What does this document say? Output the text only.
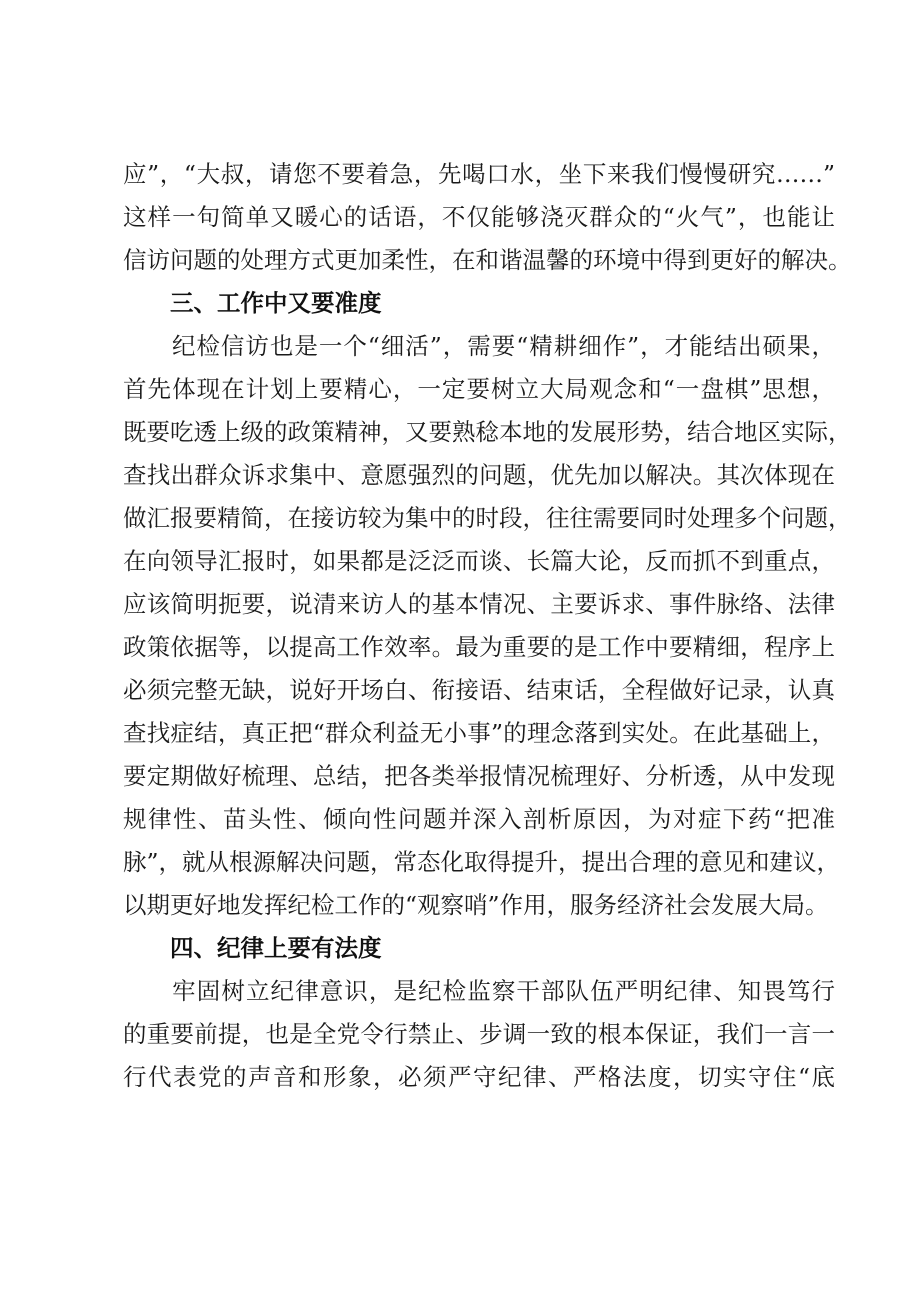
应”，“大叔，请您不要着急，先喝口水，坐下来我们慢慢研究……”
这样一句简单又暖心的话语，不仅能够浇灭群众的“火气”，也能让
信访问题的处理方式更加柔性，在和谐温馨的环境中得到更好的解决。
三、工作中又要准度
　　纪检信访也是一个“细活”，需要“精耕细作”，才能结出硕果，
首先体现在计划上要精心，一定要树立大局观念和“一盘棋”思想，
既要吃透上级的政策精神，又要熟稔本地的发展形势，结合地区实际，
查找出群众诉求集中、意愿强烈的问题，优先加以解决。其次体现在
做汇报要精简，在接访较为集中的时段，往往需要同时处理多个问题，
在向领导汇报时，如果都是泛泛而谈、长篇大论，反而抓不到重点，
应该简明扼要，说清来访人的基本情况、主要诉求、事件脉络、法律
政策依据等，以提高工作效率。最为重要的是工作中要精细，程序上
必须完整无缺，说好开场白、衔接语、结束话，全程做好记录，认真
查找症结，真正把“群众利益无小事”的理念落到实处。在此基础上，
要定期做好梳理、总结，把各类举报情况梳理好、分析透，从中发现
规律性、苗头性、倾向性问题并深入剖析原因，为对症下药“把准
脉”，就从根源解决问题，常态化取得提升，提出合理的意见和建议，
以期更好地发挥纪检工作的“观察哨”作用，服务经济社会发展大局。
四、纪律上要有法度
　　牢固树立纪律意识，是纪检监察干部队伍严明纪律、知畏笃行
的重要前提，也是全党令行禁止、步调一致的根本保证，我们一言一
行代表党的声音和形象，必须严守纪律、严格法度，切实守住“底
